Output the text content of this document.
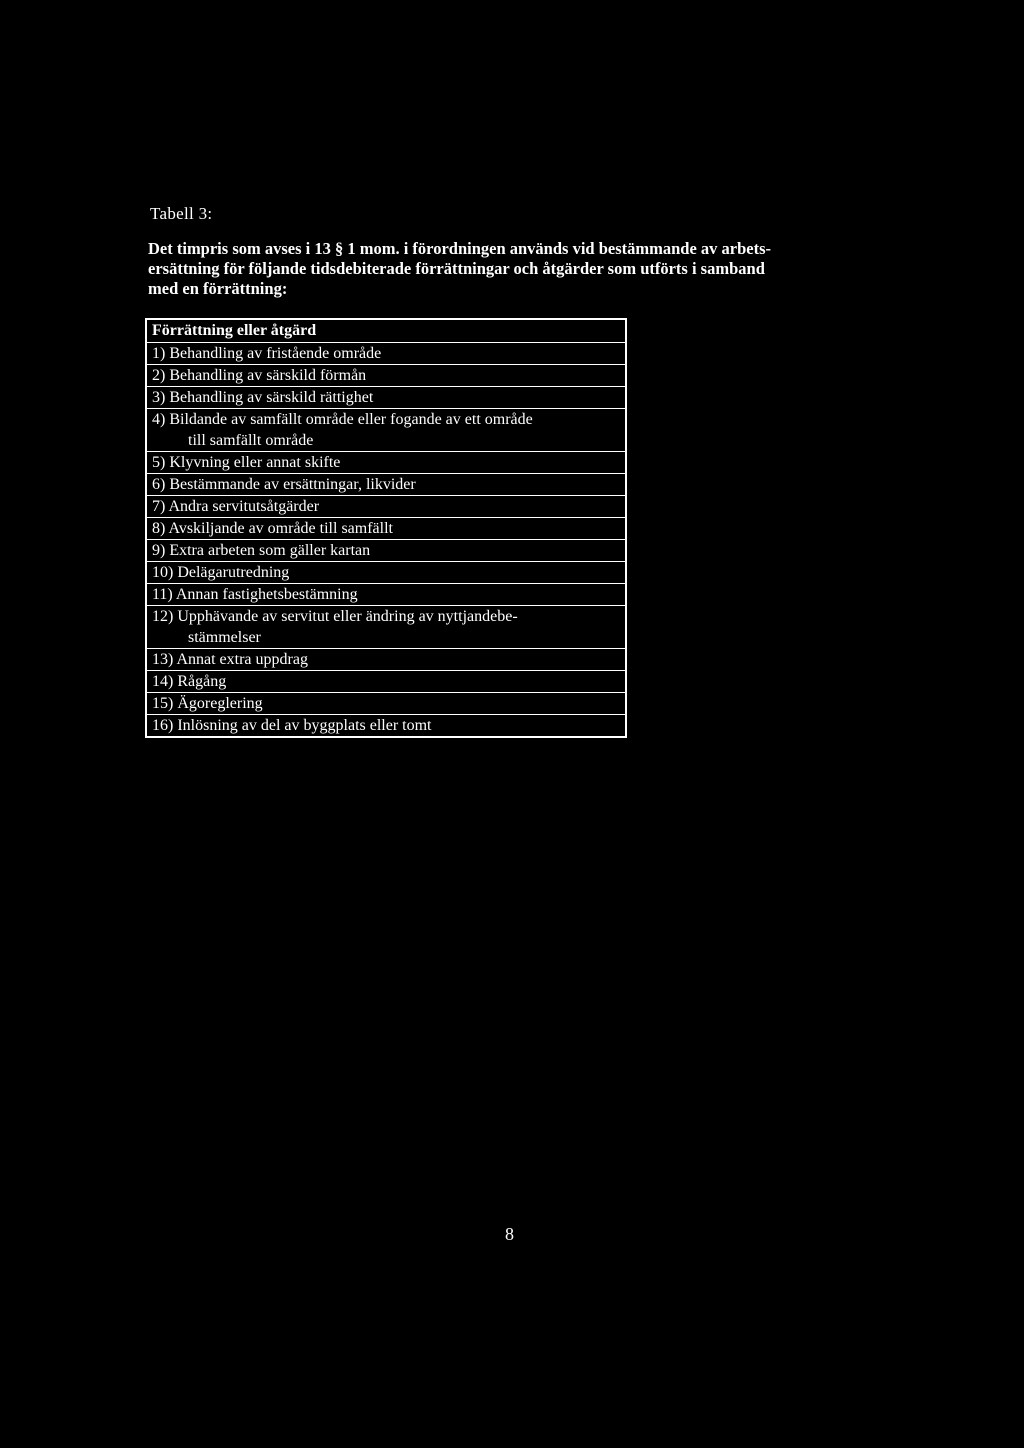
Tabell 3:

Det timpris som avses i 13 § 1 mom. i förordningen används vid bestämmande av arbets-
ersättning för följande tidsdebiterade förrättningar och åtgärder som utförts i samband
med en förrättning:

Förrättning eller åtgärd
1) Behandling av fristående område
2) Behandling av särskild förmån
3) Behandling av särskild rättighet
4) Bildande av samfällt område eller fogande av ett område
till samfällt område
5) Klyvning eller annat skifte
6) Bestämmande av ersättningar, likvider
7) Andra servitutsåtgärder
8) Avskiljande av område till samfällt
9) Extra arbeten som gäller kartan
10) Delägarutredning
11) Annan fastighetsbestämning
12) Upphävande av servitut eller ändring av nyttjandebe-
stämmelser
13) Annat extra uppdrag
14) Rågång
15) Ägoreglering
16) Inlösning av del av byggplats eller tomt
8
